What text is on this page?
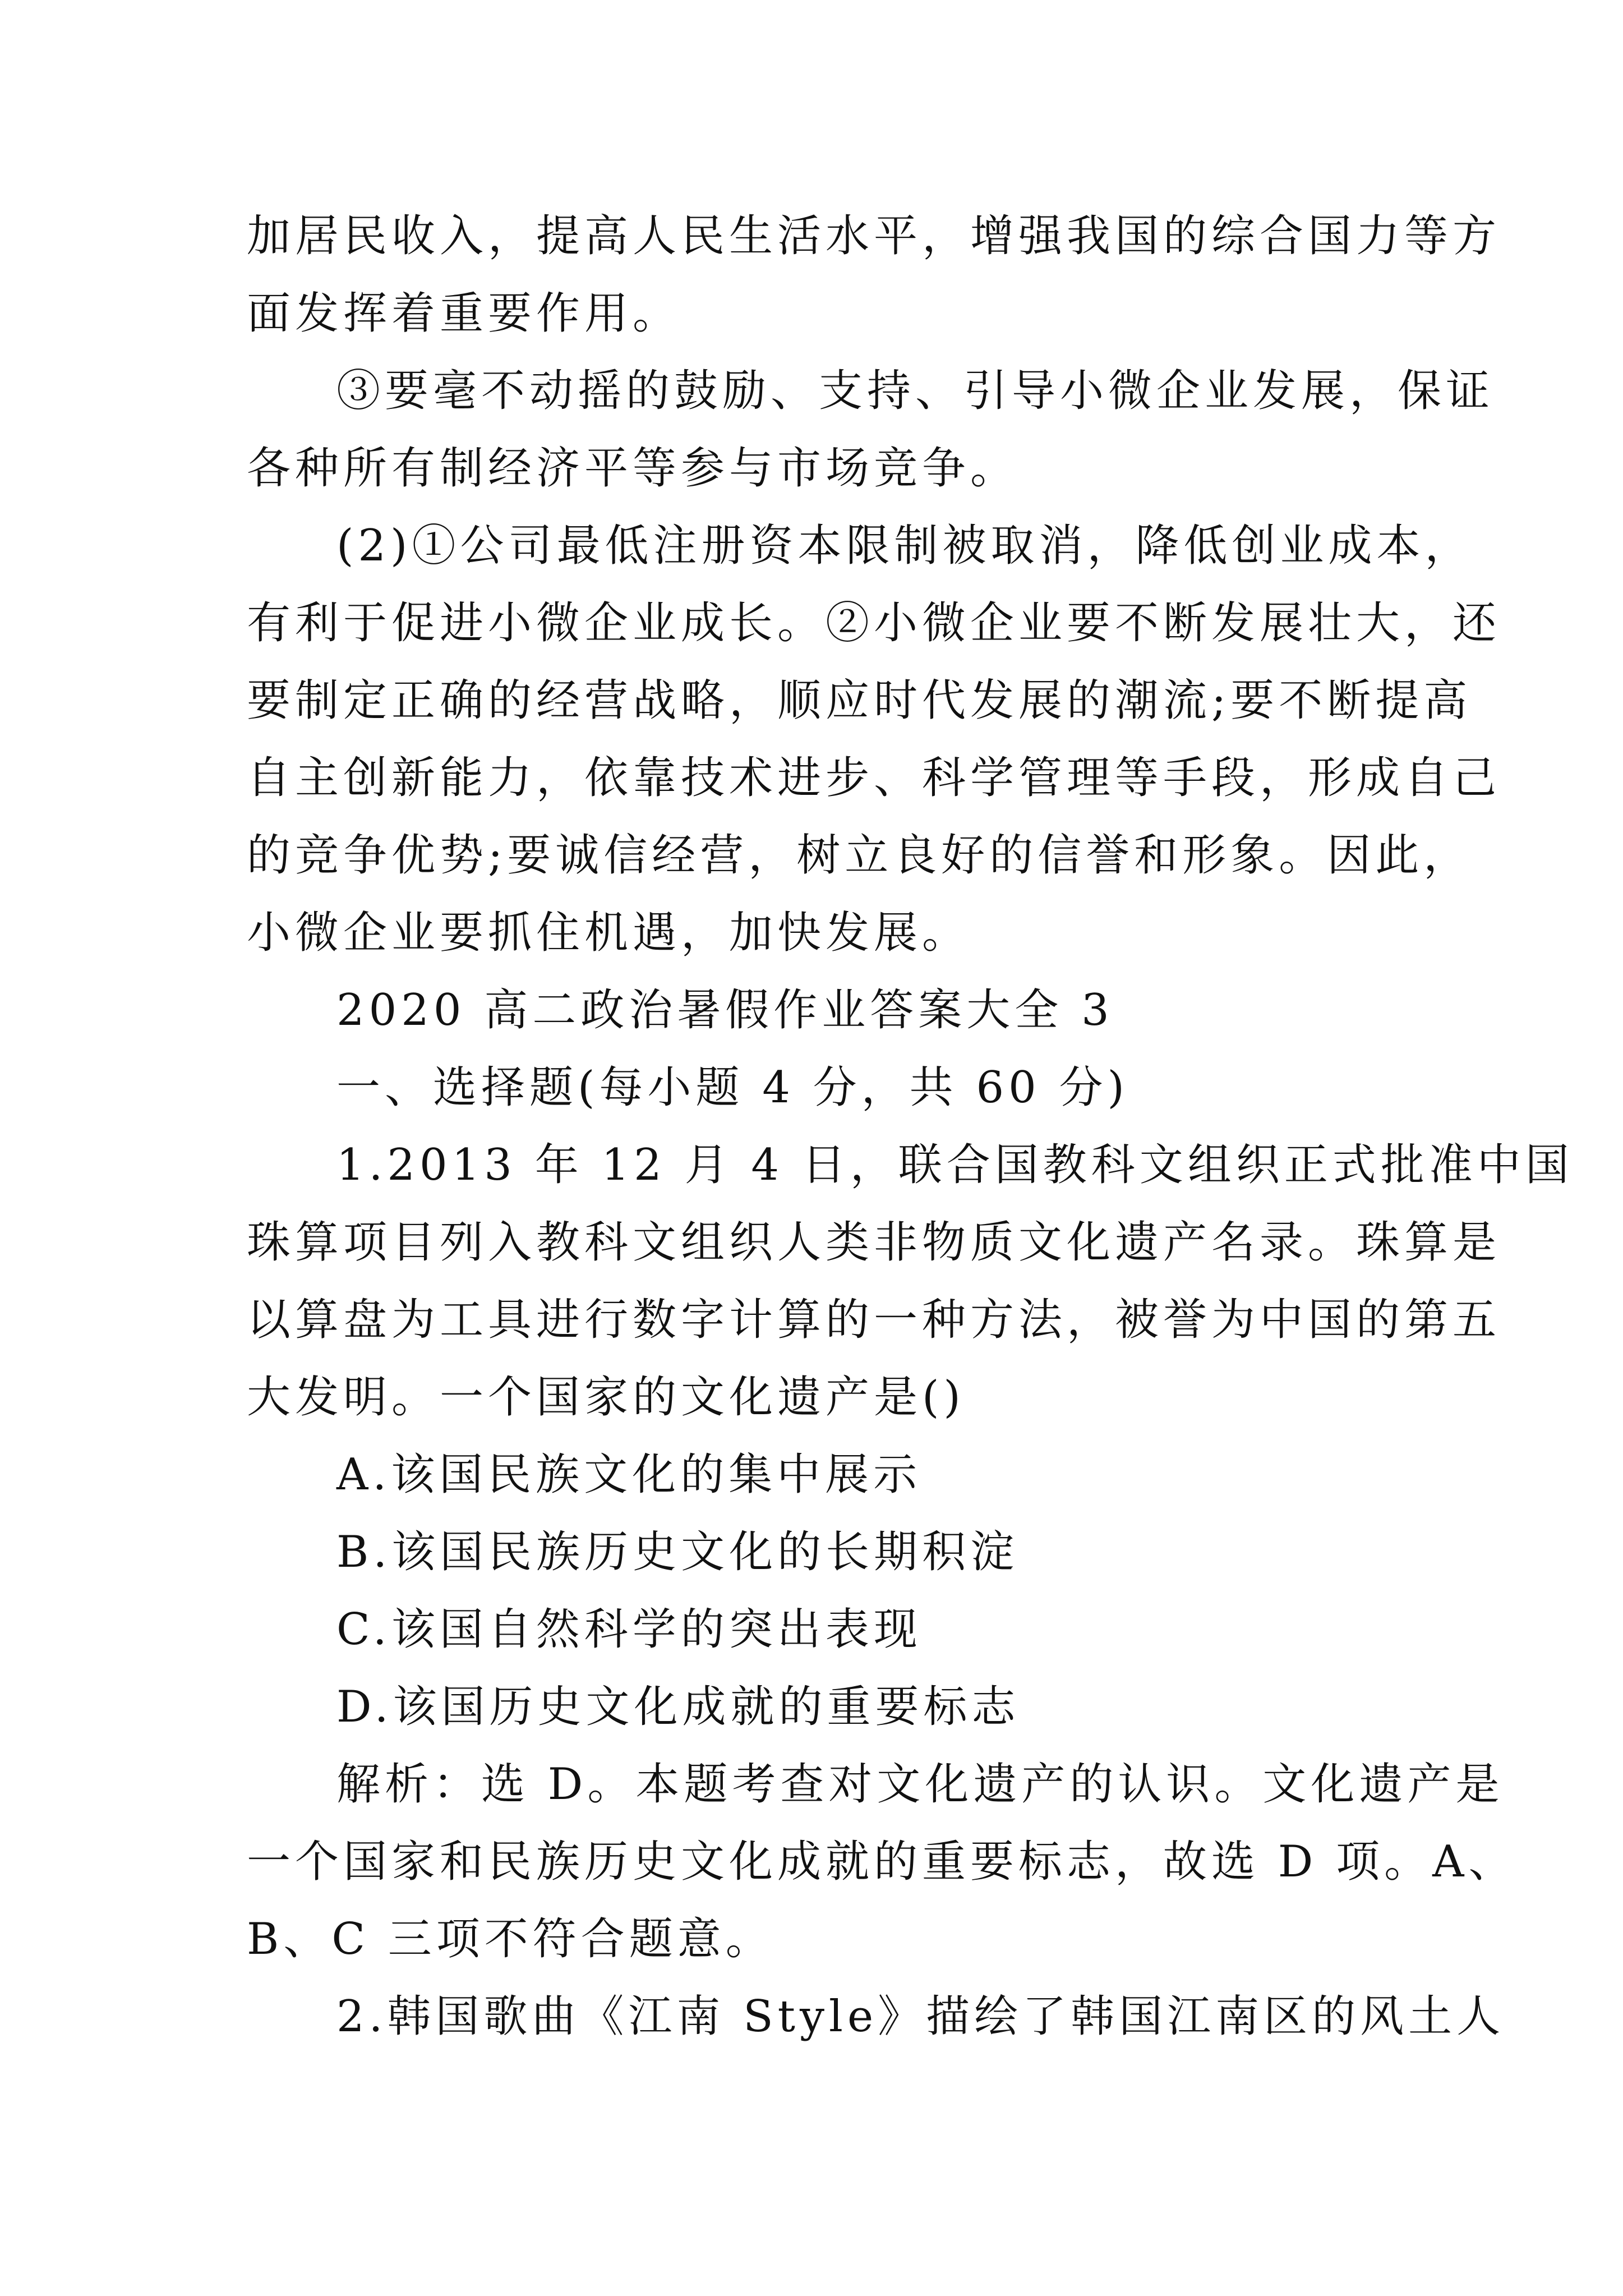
加居民收入，提高人民生活水平，增强我国的综合国力等方
面发挥着重要作用。
③要毫不动摇的鼓励、支持、引导小微企业发展，保证
各种所有制经济平等参与市场竞争。
(2)①公司最低注册资本限制被取消，降低创业成本，
有利于促进小微企业成长。②小微企业要不断发展壮大，还
要制定正确的经营战略，顺应时代发展的潮流;要不断提高
自主创新能力，依靠技术进步、科学管理等手段，形成自己
的竞争优势;要诚信经营，树立良好的信誉和形象。因此，
小微企业要抓住机遇，加快发展。
2020 高二政治暑假作业答案大全 3
一、选择题(每小题 4 分，共 60 分)
1.2013 年 12 月 4 日，联合国教科文组织正式批准中国
珠算项目列入教科文组织人类非物质文化遗产名录。珠算是
以算盘为工具进行数字计算的一种方法，被誉为中国的第五
大发明。一个国家的文化遗产是()
A.该国民族文化的集中展示
B.该国民族历史文化的长期积淀
C.该国自然科学的突出表现
D.该国历史文化成就的重要标志
解析：选 D。本题考查对文化遗产的认识。文化遗产是
一个国家和民族历史文化成就的重要标志，故选 D 项。A、
B、C 三项不符合题意。
2.韩国歌曲《江南 Style》描绘了韩国江南区的风土人
